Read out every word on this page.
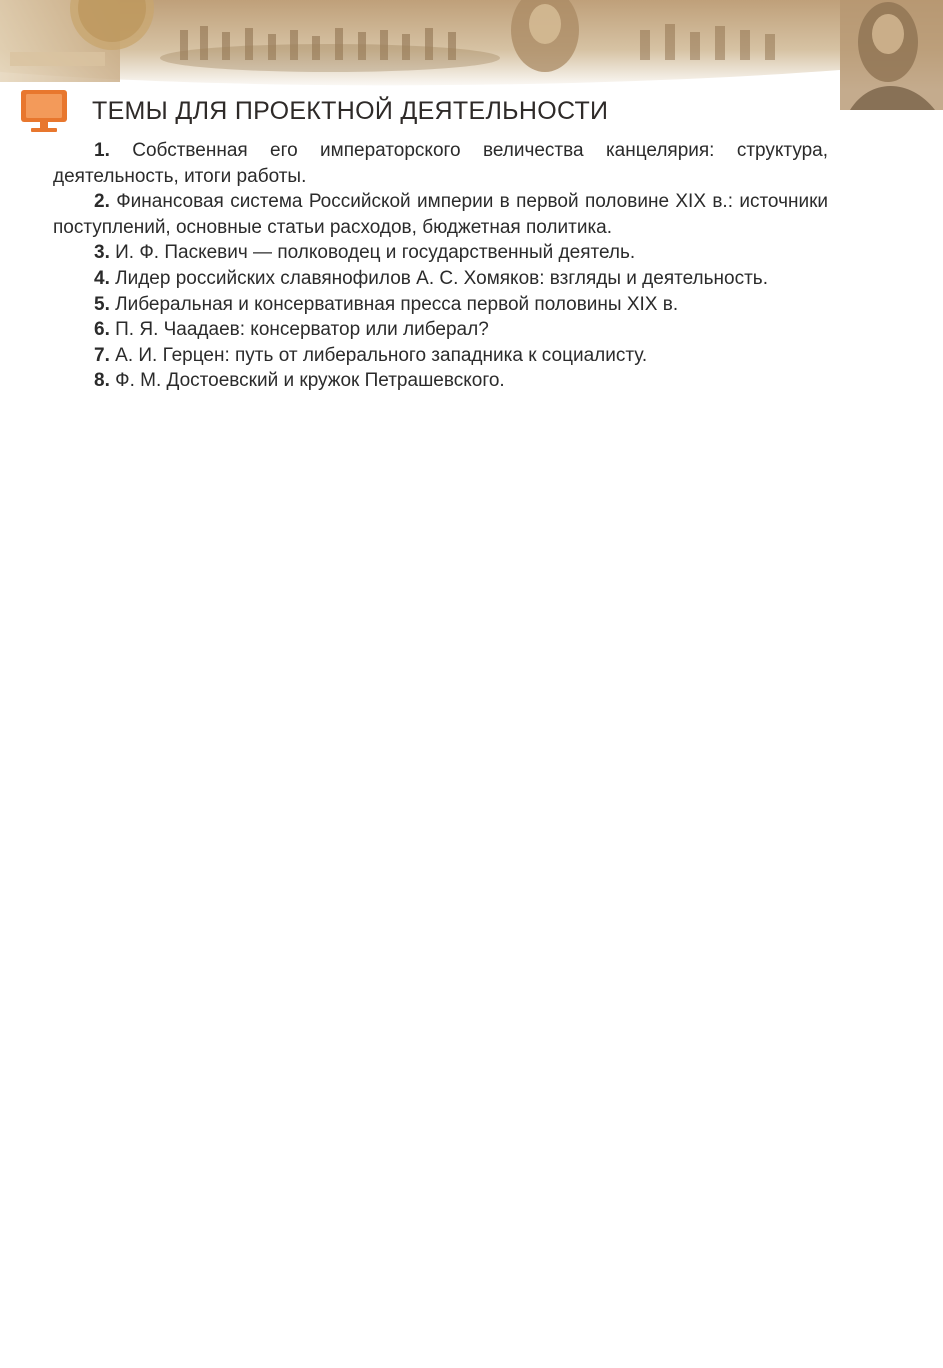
ТЕМЫ ДЛЯ ПРОЕКТНОЙ ДЕЯТЕЛЬНОСТИ
1. Собственная его императорского величества канцелярия: структура, деятельность, итоги работы.
2. Финансовая система Российской империи в первой половине XIX в.: источники поступлений, основные статьи расходов, бюджетная политика.
3. И. Ф. Паскевич — полководец и государственный деятель.
4. Лидер российских славянофилов А. С. Хомяков: взгляды и деятельность.
5. Либеральная и консервативная пресса первой половины XIX в.
6. П. Я. Чаадаев: консерватор или либерал?
7. А. И. Герцен: путь от либерального западника к социалисту.
8. Ф. М. Достоевский и кружок Петрашевского.
